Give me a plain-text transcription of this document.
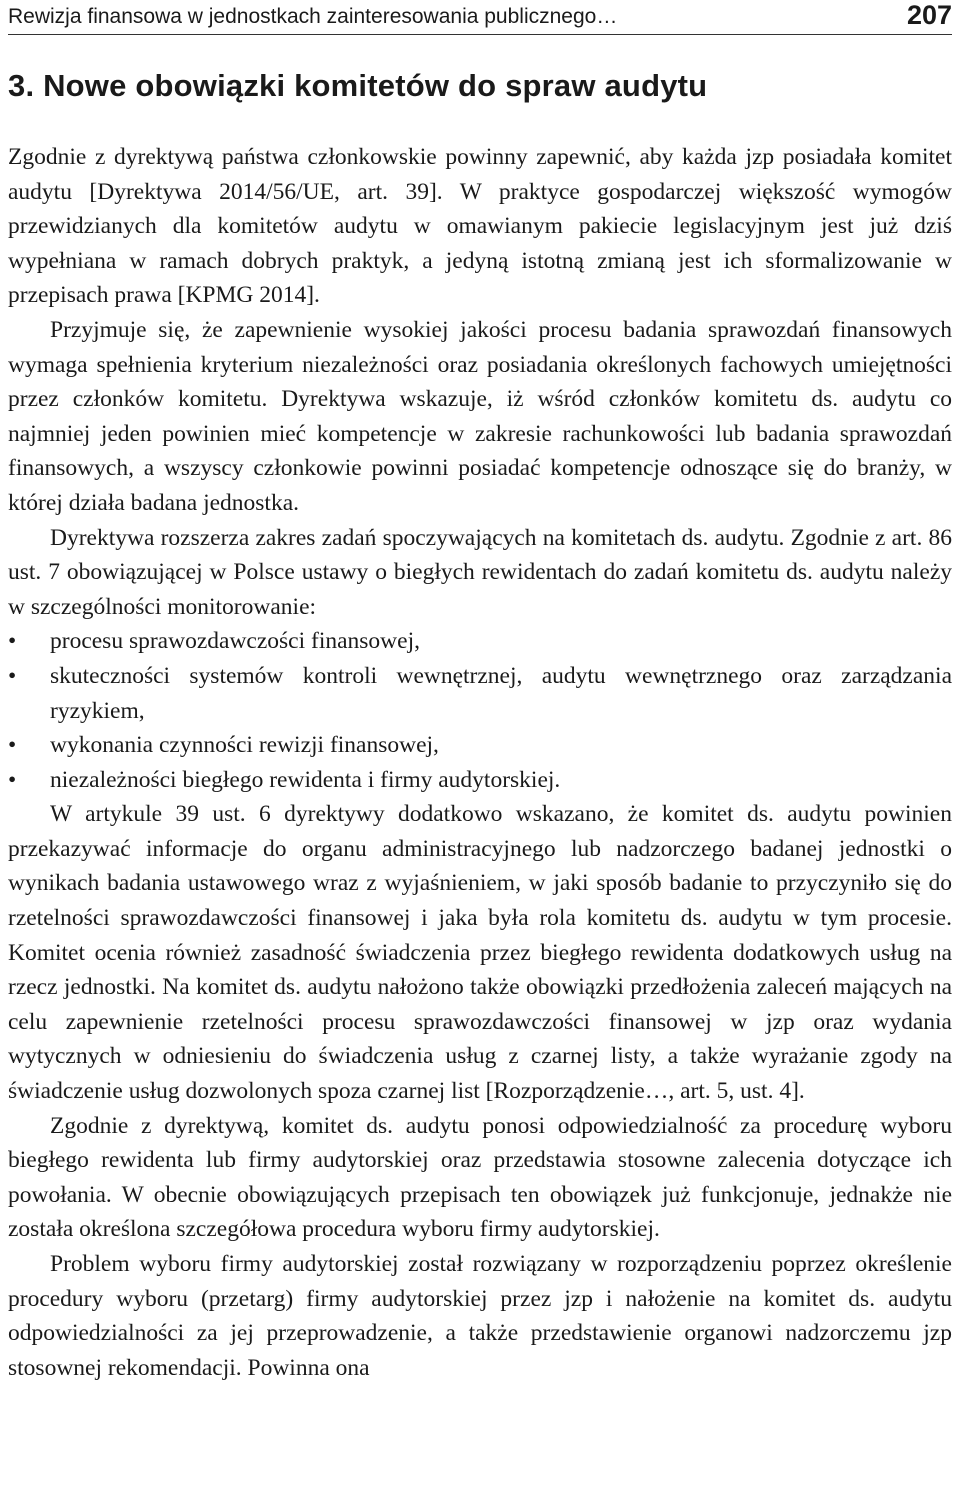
Rewizja finansowa w jednostkach zainteresowania publicznego…	207
3. Nowe obowiązki komitetów do spraw audytu

Zgodnie z dyrektywą państwa członkowskie powinny zapewnić, aby każda jzp posiadała komitet audytu [Dyrektywa 2014/56/UE, art. 39]. W praktyce gospodarczej większość wymogów przewidzianych dla komitetów audytu w omawianym pakiecie legislacyjnym jest już dziś wypełniana w ramach dobrych praktyk, a jedyną istotną zmianą jest ich sformalizowanie w przepisach prawa [KPMG 2014].

Przyjmuje się, że zapewnienie wysokiej jakości procesu badania sprawozdań finansowych wymaga spełnienia kryterium niezależności oraz posiadania określonych fachowych umiejętności przez członków komitetu. Dyrektywa wskazuje, iż wśród członków komitetu ds. audytu co najmniej jeden powinien mieć kompetencje w zakresie rachunkowości lub badania sprawozdań finansowych, a wszyscy członkowie powinni posiadać kompetencje odnoszące się do branży, w której działa badana jednostka.

Dyrektywa rozszerza zakres zadań spoczywających na komitetach ds. audytu. Zgodnie z art. 86 ust. 7 obowiązującej w Polsce ustawy o biegłych rewidentach do zadań komitetu ds. audytu należy w szczególności monitorowanie:

• procesu sprawozdawczości finansowej,
• skuteczności systemów kontroli wewnętrznej, audytu wewnętrznego oraz zarządzania ryzykiem,
• wykonania czynności rewizji finansowej,
• niezależności biegłego rewidenta i firmy audytorskiej.

W artykule 39 ust. 6 dyrektywy dodatkowo wskazano, że komitet ds. audytu powinien przekazywać informacje do organu administracyjnego lub nadzorczego badanej jednostki o wynikach badania ustawowego wraz z wyjaśnieniem, w jaki sposób badanie to przyczyniło się do rzetelności sprawozdawczości finansowej i jaka była rola komitetu ds. audytu w tym procesie. Komitet ocenia również zasadność świadczenia przez biegłego rewidenta dodatkowych usług na rzecz jednostki. Na komitet ds. audytu nałożono także obowiązki przedłożenia zaleceń mających na celu zapewnienie rzetelności procesu sprawozdawczości finansowej w jzp oraz wydania wytycznych w odniesieniu do świadczenia usług z czarnej listy, a także wyrażanie zgody na świadczenie usług dozwolonych spoza czarnej list [Rozporządzenie…, art. 5, ust. 4].

Zgodnie z dyrektywą, komitet ds. audytu ponosi odpowiedzialność za procedurę wyboru biegłego rewidenta lub firmy audytorskiej oraz przedstawia stosowne zalecenia dotyczące ich powołania. W obecnie obowiązujących przepisach ten obowiązek już funkcjonuje, jednakże nie została określona szczegółowa procedura wyboru firmy audytorskiej.

Problem wyboru firmy audytorskiej został rozwiązany w rozporządzeniu poprzez określenie procedury wyboru (przetarg) firmy audytorskiej przez jzp i nałożenie na komitet ds. audytu odpowiedzialności za jej przeprowadzenie, a także przedstawienie organowi nadzorczemu jzp stosownej rekomendacji. Powinna ona
